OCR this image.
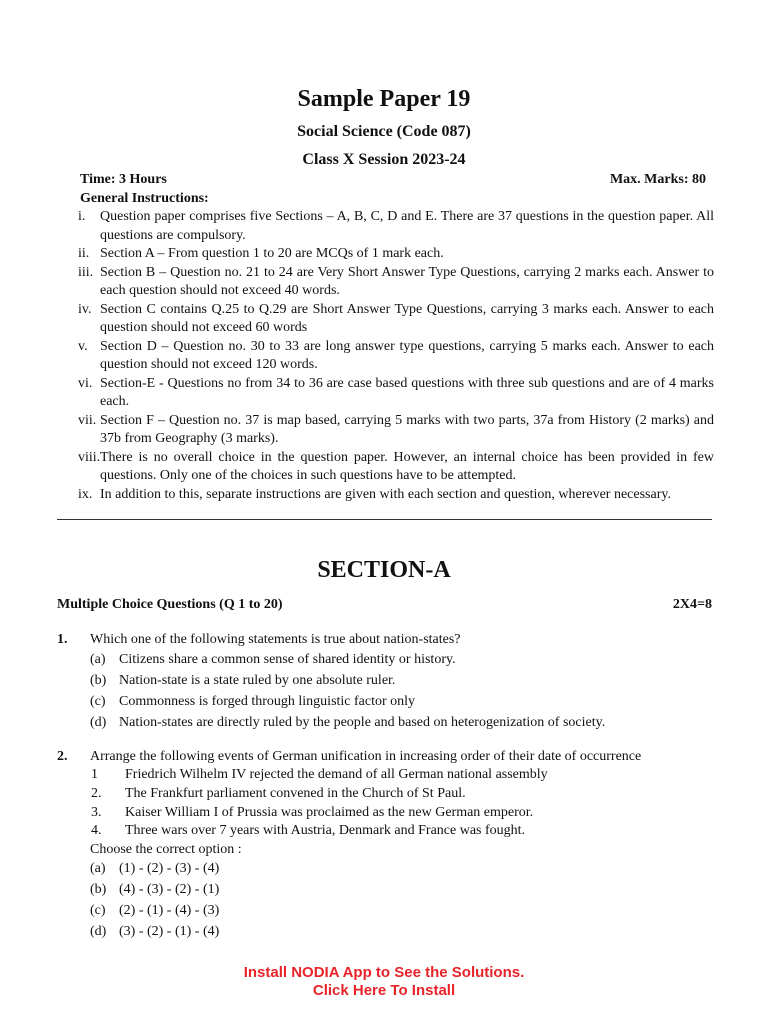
Sample Paper 19
Social Science (Code 087)
Class X Session 2023-24
Time: 3 Hours	Max. Marks: 80
General Instructions:
i.	Question paper comprises five Sections – A, B, C, D and E. There are 37 questions in the question paper. All questions are compulsory.
ii. Section A – From question 1 to 20 are MCQs of 1 mark each.
iii. Section B – Question no. 21 to 24 are Very Short Answer Type Questions, carrying 2 marks each. Answer to each question should not exceed 40 words.
iv. Section C contains Q.25 to Q.29 are Short Answer Type Questions, carrying 3 marks each. Answer to each question should not exceed 60 words
v. Section D – Question no. 30 to 33 are long answer type questions, carrying 5 marks each. Answer to each question should not exceed 120 words.
vi. Section-E - Questions no from 34 to 36 are case based questions with three sub questions and are of 4 marks each.
vii. Section F – Question no. 37 is map based, carrying 5 marks with two parts, 37a from History (2 marks) and 37b from Geography (3 marks).
viii. There is no overall choice in the question paper. However, an internal choice has been provided in few questions. Only one of the choices in such questions have to be attempted.
ix. In addition to this, separate instructions are given with each section and question, wherever necessary.
SECTION-A
Multiple Choice Questions (Q 1 to 20)	2X4=8
1. Which one of the following statements is true about nation-states?
(a) Citizens share a common sense of shared identity or history.
(b) Nation-state is a state ruled by one absolute ruler.
(c) Commonness is forged through linguistic factor only
(d) Nation-states are directly ruled by the people and based on heterogenization of society.
2. Arrange the following events of German unification in increasing order of their date of occurrence
1 Friedrich Wilhelm IV rejected the demand of all German national assembly
2. The Frankfurt parliament convened in the Church of St Paul.
3. Kaiser William I of Prussia was proclaimed as the new German emperor.
4. Three wars over 7 years with Austria, Denmark and France was fought.
Choose the correct option :
(a) (1) - (2) - (3) - (4)
(b) (4) - (3) - (2) - (1)
(c) (2) - (1) - (4) - (3)
(d) (3) - (2) - (1) - (4)
Install NODIA App to See the Solutions.
Click Here To Install
